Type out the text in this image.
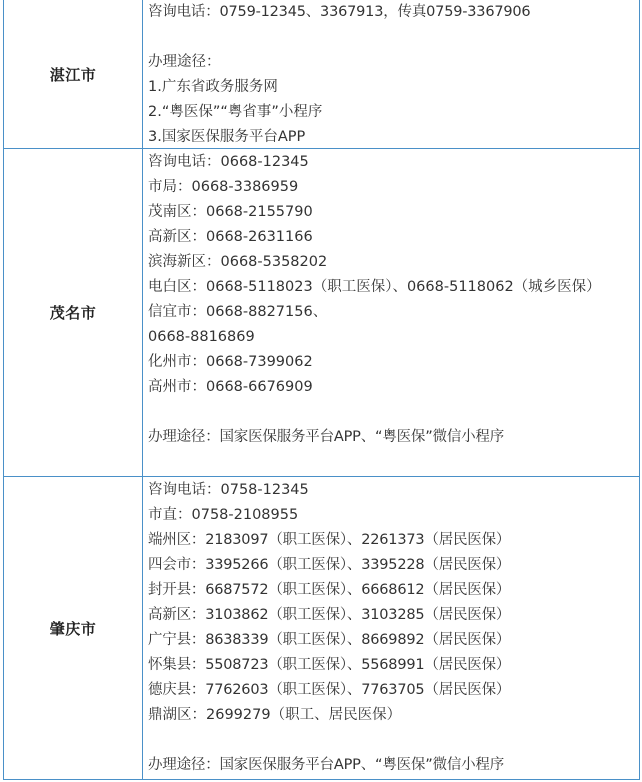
湛江市
咨询电话：0759-12345、3367913，传真0759-3367906
办理途径：
1.广东省政务服务网
2.“粤医保”“粤省事”小程序
3.国家医保服务平台APP
茂名市
咨询电话：0668-12345
市局：0668-3386959
茂南区：0668-2155790
高新区：0668-2631166
滨海新区：0668-5358202
电白区：0668-5118023（职工医保）、0668-5118062（城乡医保）
信宜市：0668-8827156、
0668-8816869
化州市：0668-7399062
高州市：0668-6676909
办理途径：国家医保服务平台APP、“粤医保”微信小程序
肇庆市
咨询电话：0758-12345
市直：0758-2108955
端州区：2183097（职工医保）、2261373（居民医保）
四会市：3395266（职工医保）、3395228（居民医保）
封开县：6687572（职工医保）、6668612（居民医保）
高新区：3103862（职工医保）、3103285（居民医保）
广宁县：8638339（职工医保）、8669892（居民医保）
怀集县：5508723（职工医保）、5568991（居民医保）
德庆县：7762603（职工医保）、7763705（居民医保）
鼎湖区：2699279（职工、居民医保）
办理途径：国家医保服务平台APP、“粤医保”微信小程序
